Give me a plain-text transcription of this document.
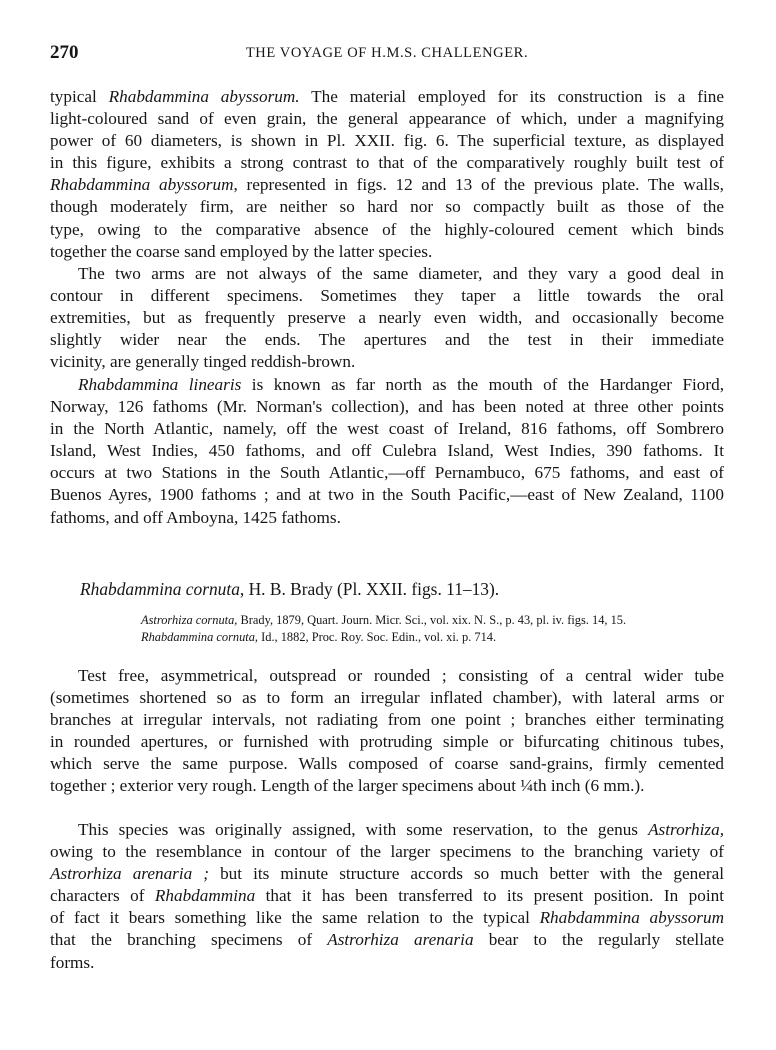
270	THE VOYAGE OF H.M.S. CHALLENGER.
typical Rhabdammina abyssorum. The material employed for its construction is a fine
light-coloured sand of even grain, the general appearance of which, under a magnifying
power of 60 diameters, is shown in Pl. XXII. fig. 6. The superficial texture, as displayed
in this figure, exhibits a strong contrast to that of the comparatively roughly built test of
Rhabdammina abyssorum, represented in figs. 12 and 13 of the previous plate. The walls,
though moderately firm, are neither so hard nor so compactly built as those of the
type, owing to the comparative absence of the highly-coloured cement which binds
together the coarse sand employed by the latter species.
The two arms are not always of the same diameter, and they vary a good deal in
contour in different specimens. Sometimes they taper a little towards the oral
extremities, but as frequently preserve a nearly even width, and occasionally become
slightly wider near the ends. The apertures and the test in their immediate
vicinity, are generally tinged reddish-brown.
Rhabdammina linearis is known as far north as the mouth of the Hardanger Fiord,
Norway, 126 fathoms (Mr. Norman's collection), and has been noted at three other points
in the North Atlantic, namely, off the west coast of Ireland, 816 fathoms, off Sombrero
Island, West Indies, 450 fathoms, and off Culebra Island, West Indies, 390 fathoms. It
occurs at two Stations in the South Atlantic,—off Pernambuco, 675 fathoms, and east of
Buenos Ayres, 1900 fathoms ; and at two in the South Pacific,—east of New Zealand, 1100
fathoms, and off Amboyna, 1425 fathoms.
Test free, asymmetrical, outspread or rounded ; consisting of a central wider tube
(sometimes shortened so as to form an irregular inflated chamber), with lateral arms or
branches at irregular intervals, not radiating from one point ; branches either terminating
in rounded apertures, or furnished with protruding simple or bifurcating chitinous tubes,
which serve the same purpose. Walls composed of coarse sand-grains, firmly cemented
together ; exterior very rough. Length of the larger specimens about ¼th inch (6 mm.).
This species was originally assigned, with some reservation, to the genus Astrorhiza,
owing to the resemblance in contour of the larger specimens to the branching variety of
Astrorhiza arenaria ; but its minute structure accords so much better with the general
characters of Rhabdammina that it has been transferred to its present position. In point
of fact it bears something like the same relation to the typical Rhabdammina abyssorum
that the branching specimens of Astrorhiza arenaria bear to the regularly stellate
forms.
Rhabdammina cornuta, H. B. Brady (Pl. XXII. figs. 11–13).
Astrorhiza cornuta, Brady, 1879, Quart. Journ. Micr. Sci., vol. xix. N. S., p. 43, pl. iv. figs. 14, 15.
Rhabdammina cornuta, Id., 1882, Proc. Roy. Soc. Edin., vol. xi. p. 714.
